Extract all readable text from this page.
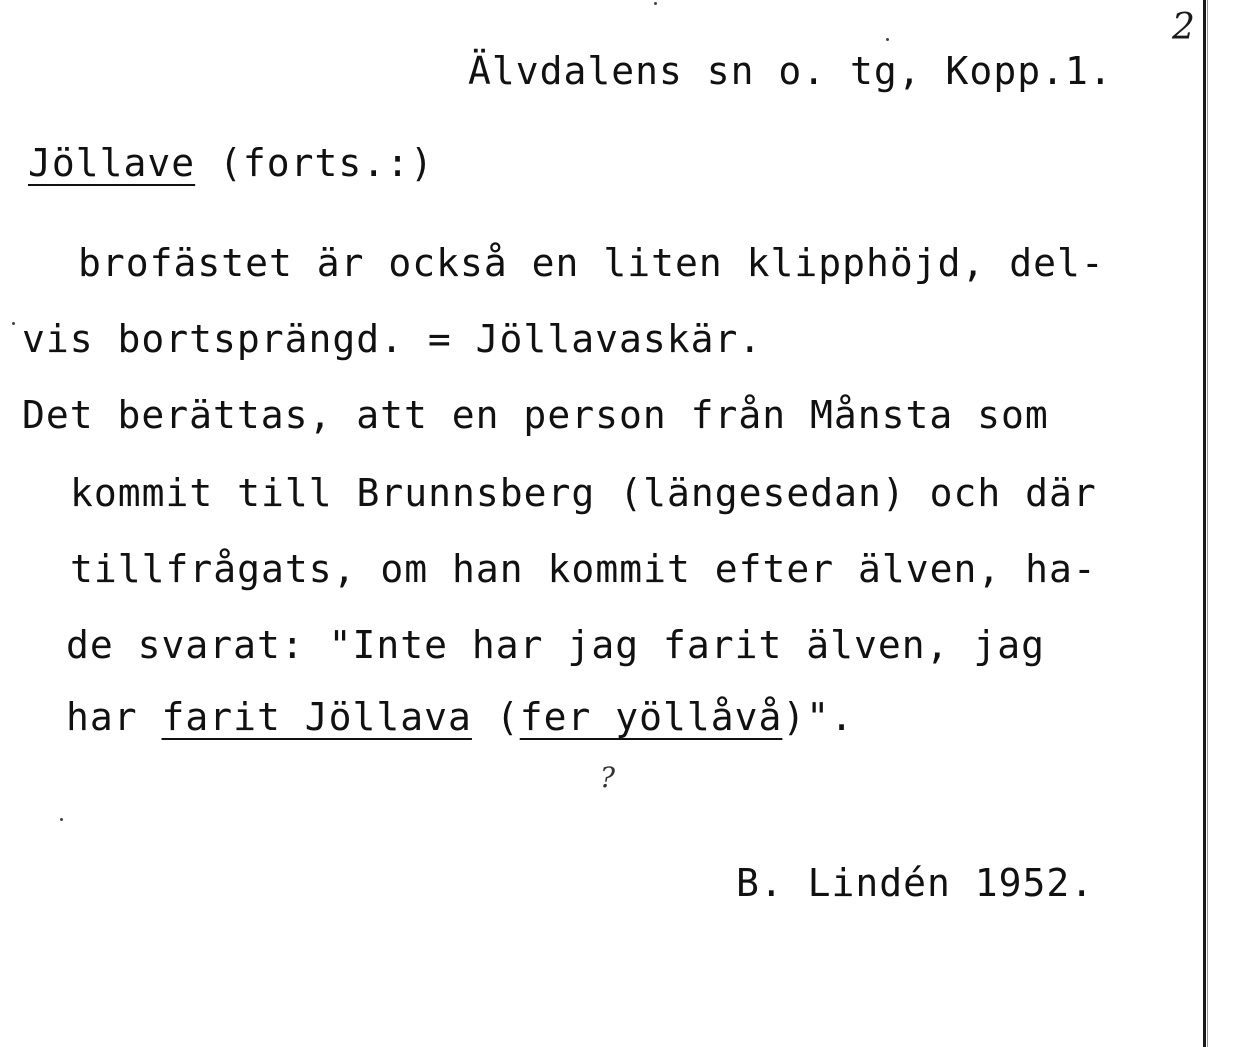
2
Älvdalens sn o. tg, Kopp.1.
Jöllave (forts.:)
brofästet är också en liten klipphöjd, del-
vis bortsprängd. = Jöllavaskär.
Det berättas, att en person från Månsta som
kommit till Brunnsberg (längesedan) och där
tillfrågats, om han kommit efter älven, ha-
de svarat: "Inte har jag farit älven, jag
har farit Jöllava (fer yöllåvå)".
?
B. Lindén 1952.
